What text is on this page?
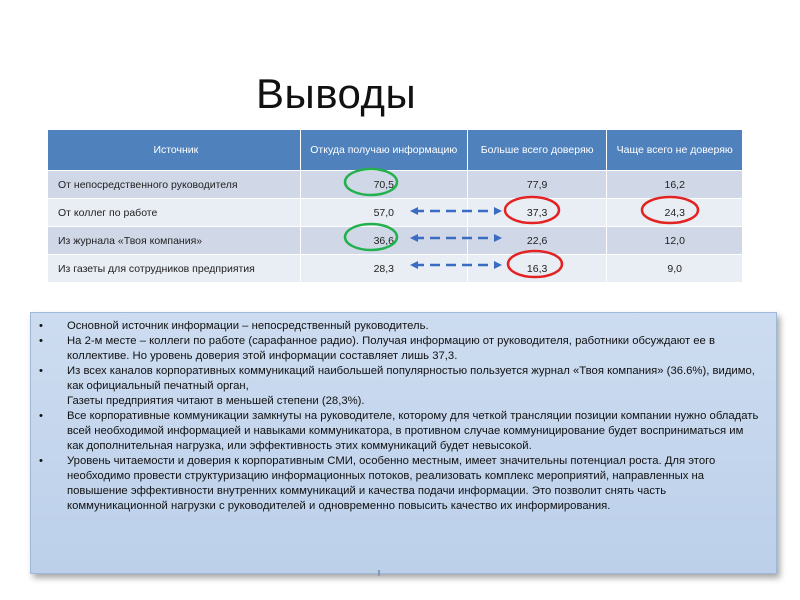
Выводы
Источник	Откуда получаю информацию	Больше всего доверяю	Чаще всего не доверяю
От непосредственного руководителя	70,5	77,9	16,2
От коллег по работе	57,0	37,3	24,3
Из журнала «Твоя компания»	36,6	22,6	12,0
Из газеты для сотрудников предприятия	28,3	16,3	9,0
• Основной источник информации – непосредственный руководитель.
• На 2-м месте – коллеги по работе (сарафанное радио). Получая информацию от руководителя, работники обсуждают ее в коллективе. Но уровень доверия этой информации составляет лишь 37,3.
• Из всех каналов корпоративных коммуникаций наибольшей популярностью пользуется журнал «Твоя компания» (36.6%), видимо, как официальный печатный орган,
Газеты предприятия читают в меньшей степени (28,3%).
• Все корпоративные коммуникации замкнуты на руководителе, которому для четкой трансляции позиции компании нужно обладать всей необходимой информацией и навыками коммуникатора, в противном случае коммуницирование будет восприниматься им как дополнительная нагрузка, или эффективность этих коммуникаций будет невысокой.
• Уровень читаемости и доверия к корпоративным СМИ, особенно местным, имеет значительны потенциал роста. Для этого необходимо провести структуризацию информационных потоков, реализовать комплекс мероприятий, направленных на повышение эффективности внутренних коммуникаций и качества подачи информации. Это позволит снять часть коммуникационной нагрузки с руководителей и одновременно повысить качество их информирования.
